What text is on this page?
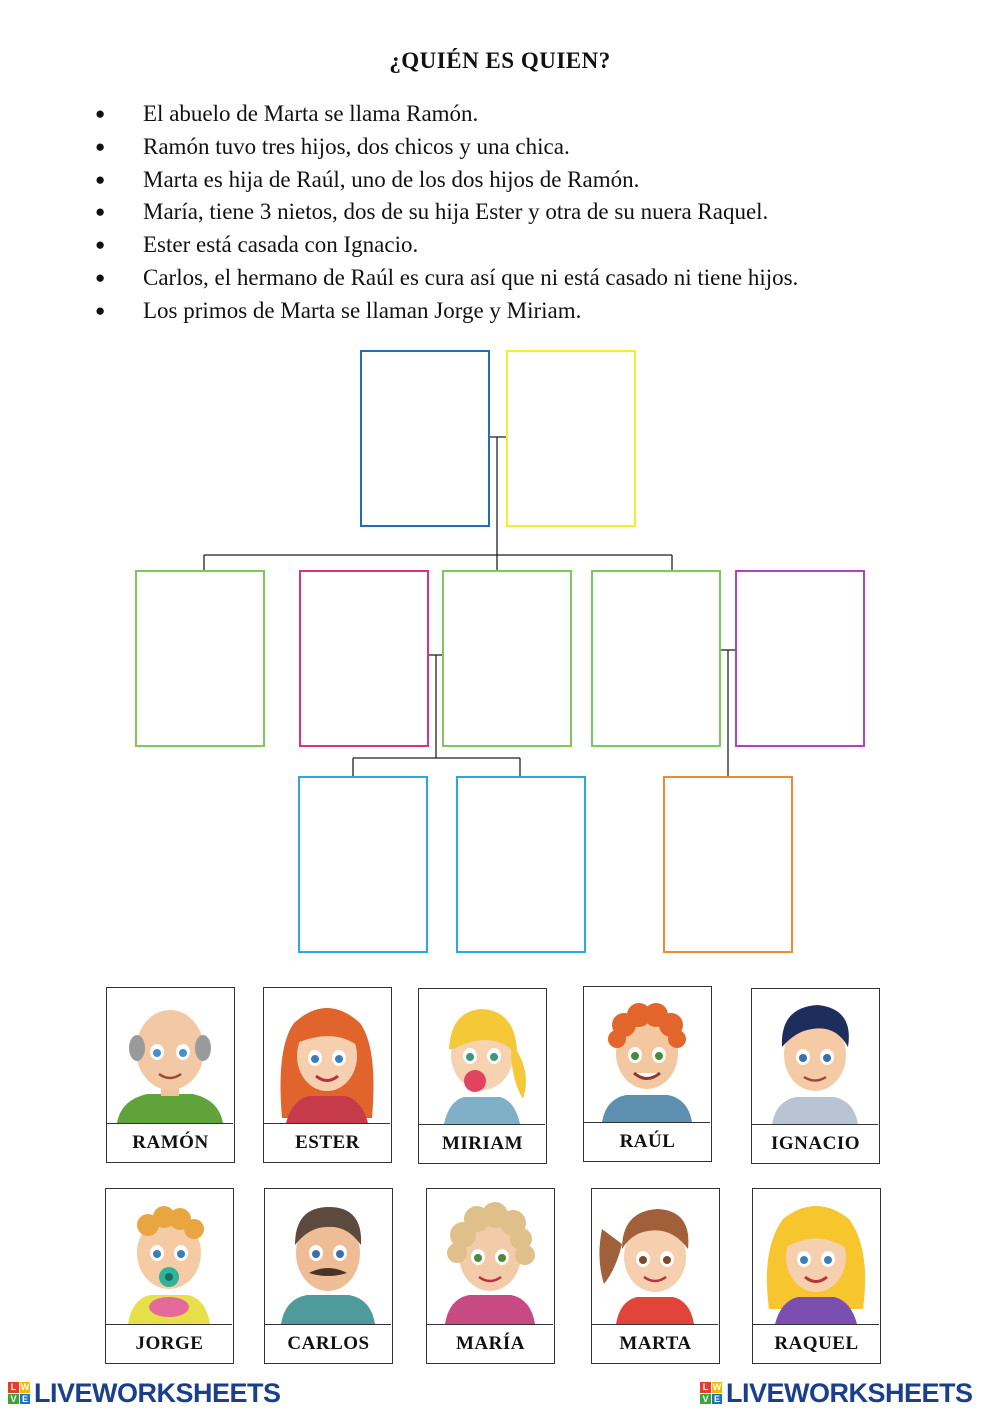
¿QUIÉN ES QUIEN?
● El abuelo de Marta se llama Ramón.
● Ramón tuvo tres hijos, dos chicos y una chica.
● Marta es hija de Raúl, uno de los dos hijos de Ramón.
● María, tiene 3 nietos, dos de su hija Ester y otra de su nuera Raquel.
● Ester está casada con Ignacio.
● Carlos, el hermano de Raúl es cura así que ni está casado ni tiene hijos.
● Los primos de Marta se llaman Jorge y Miriam.
RAMÓN	ESTER	MIRIAM	RAÚL	IGNACIO
JORGE	CARLOS	MARÍA	MARTA	RAQUEL
L W
V E LIVEWORKSHEETS	L W
V E LIVEWORKSHEETS
